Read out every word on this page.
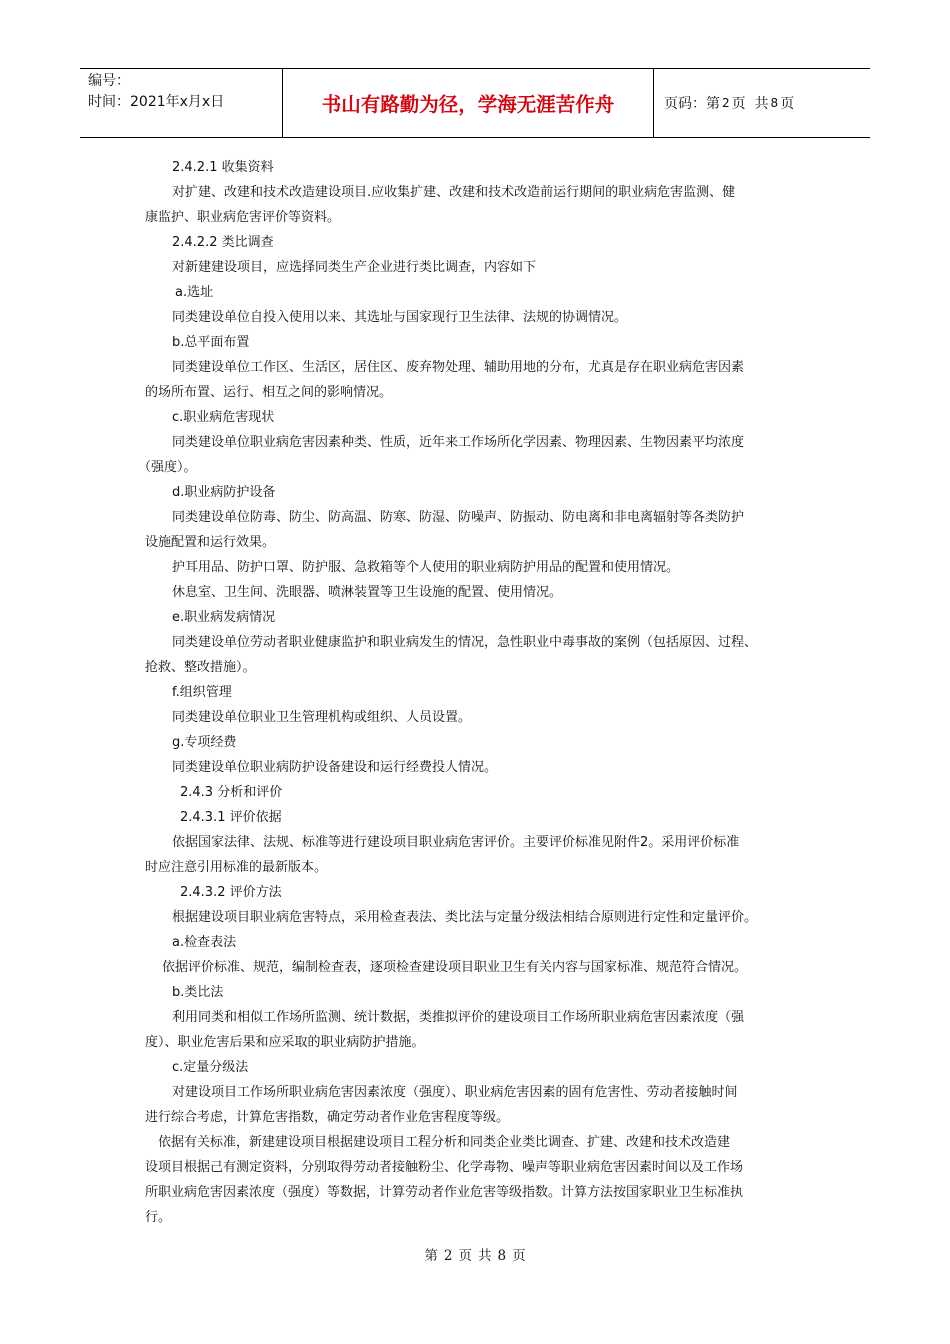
编号：
时间：2021年x月x日	书山有路勤为径，学海无涯苦作舟	页码：第 2 页  共 8 页
2.4.2.1 收集资料
对扩建、改建和技术改造建设项目.应收集扩建、改建和技术改造前运行期间的职业病危害监测、健
康监护、职业病危害评价等资料。
2.4.2.2 类比调查
对新建建设项目，应选择同类生产企业进行类比调查，内容如下
a.选址
同类建设单位自投入使用以来、其选址与国家现行卫生法律、法规的协调情况。
b.总平面布置
同类建设单位工作区、生活区，居住区、废弃物处理、辅助用地的分布，尤真是存在职业病危害因素
的场所布置、运行、相互之间的影响情况。
c.职业病危害现状
同类建设单位职业病危害因素种类、性质，近年来工作场所化学因素、物理因素、生物因素平均浓度
（强度）。
d.职业病防护设备
同类建设单位防毒、防尘、防高温、防寒、防湿、防噪声、防振动、防电离和非电离辐射等各类防护
设施配置和运行效果。
护耳用品、防护口罩、防护服、急救箱等个人使用的职业病防护用品的配置和使用情况。
休息室、卫生间、洗眼器、喷淋装置等卫生设施的配置、使用情况。
e.职业病发病情况
同类建设单位劳动者职业健康监护和职业病发生的情况，急性职业中毒事故的案例（包括原因、过程、
抢救、整改措施）。
f.组织管理
同类建设单位职业卫生管理机构或组织、人员设置。
g.专项经费
同类建设单位职业病防护设备建设和运行经费投人情况。
2.4.3 分析和评价
2.4.3.1 评价依据
依据国家法律、法规、标准等进行建设项目职业病危害评价。主要评价标准见附件2。采用评价标准
时应注意引用标准的最新版本。
2.4.3.2 评价方法
根据建设项目职业病危害特点，采用检查表法、类比法与定量分级法相结合原则进行定性和定量评价。
a.检查表法
依据评价标准、规范，编制检查表，逐项检查建设项目职业卫生有关内容与国家标准、规范符合情况。
b.类比法
利用同类和相似工作场所监测、统计数据，类推拟评价的建设项目工作场所职业病危害因素浓度（强
度）、职业危害后果和应采取的职业病防护措施。
c.定量分级法
对建设项目工作场所职业病危害因素浓度（强度）、职业病危害因素的固有危害性、劳动者接触时间
进行综合考虑，计算危害指数，确定劳动者作业危害程度等级。
依据有关标准，新建建设项目根据建设项目工程分析和同类企业类比调查、扩建、改建和技术改造建
设项目根据己有测定资料，分别取得劳动者接触粉尘、化学毒物、噪声等职业病危害因素时间以及工作场
所职业病危害因素浓度（强度）等数据，计算劳动者作业危害等级指数。计算方法按国家职业卫生标准执
行。
第 2 页 共 8 页
